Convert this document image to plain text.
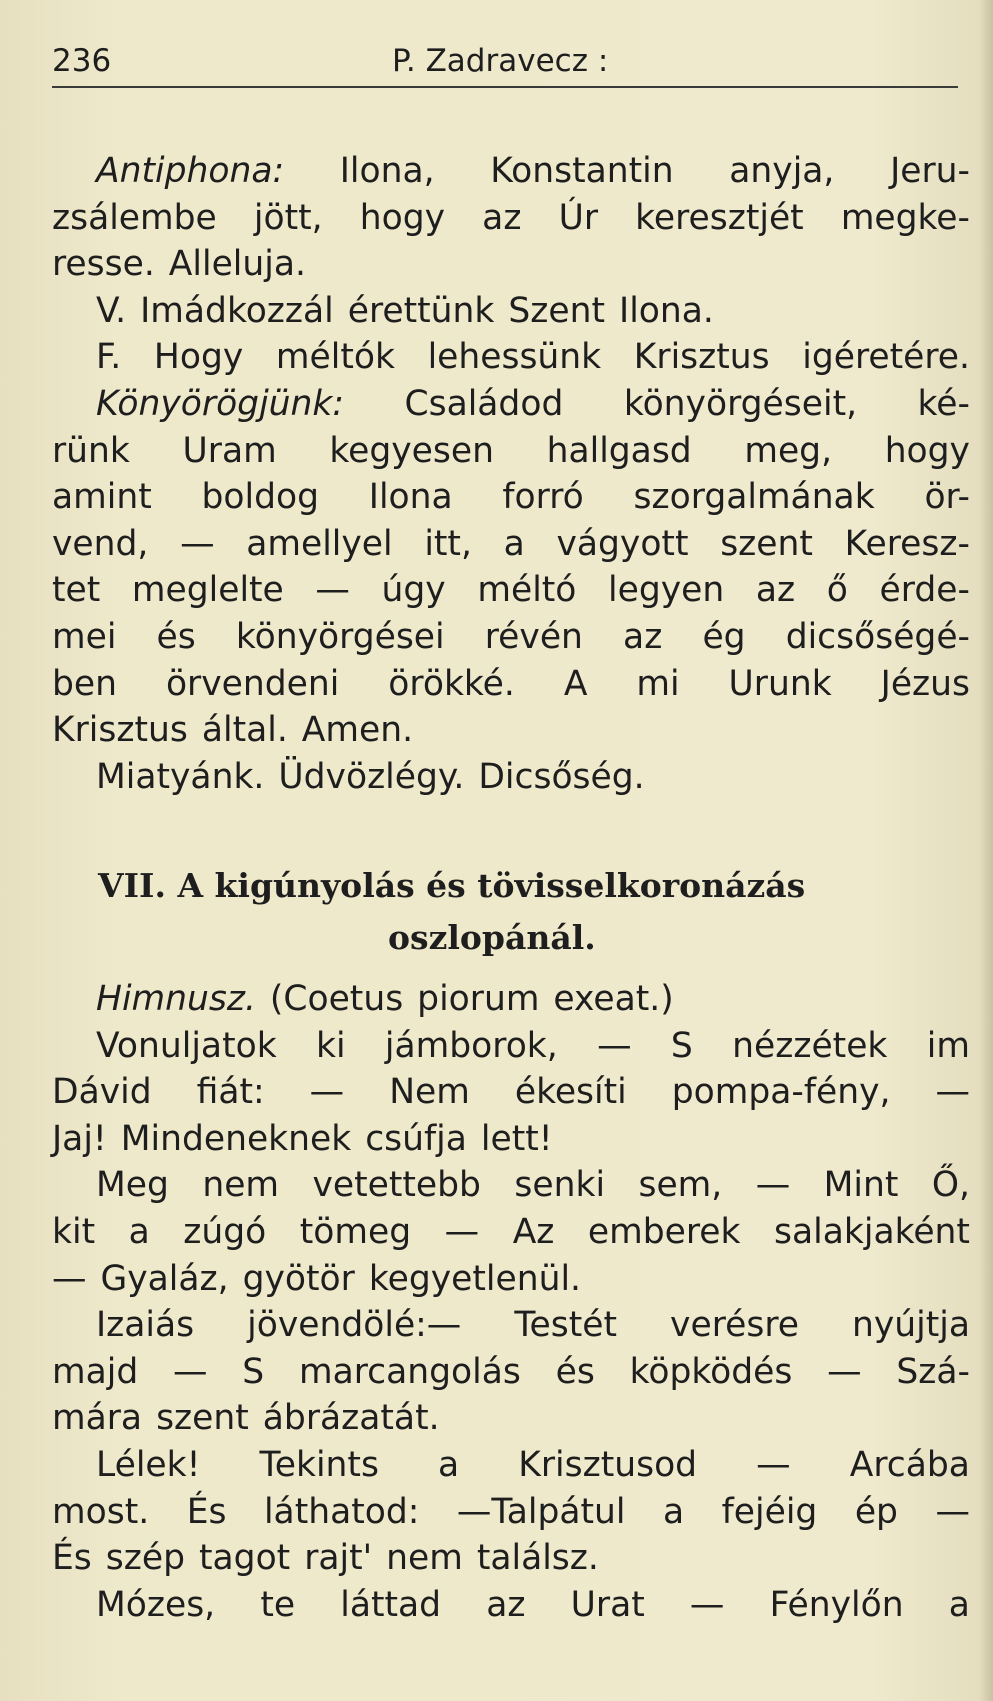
236	P. Zadravecz :
Antiphona: Ilona, Konstantin anyja, Jeru-
zsálembe jött, hogy az Úr keresztjét megke-
resse. Alleluja.
V. Imádkozzál érettünk Szent Ilona.
F. Hogy méltók lehessünk Krisztus igéretére.
Könyörögjünk: Családod könyörgéseit, ké-
rünk Uram kegyesen hallgasd meg, hogy
amint boldog Ilona forró szorgalmának ör-
vend, — amellyel itt, a vágyott szent Keresz-
tet meglelte — úgy méltó legyen az ő érde-
mei és könyörgései révén az ég dicsőségé-
ben örvendeni örökké. A mi Urunk Jézus
Krisztus által. Amen.
Miatyánk. Üdvözlégy. Dicsőség.
VII. A kigúnyolás és tövisselkoronázás
oszlopánál.
Himnusz. (Coetus piorum exeat.)
Vonuljatok ki jámborok, — S nézzétek im
Dávid fiát: — Nem ékesíti pompa-fény, —
Jaj! Mindeneknek csúfja lett!
Meg nem vetettebb senki sem, — Mint Ő,
kit a zúgó tömeg — Az emberek salakjaként
— Gyaláz, gyötör kegyetlenül.
Izaiás jövendölé:— Testét verésre nyújtja
majd — S marcangolás és köpködés — Szá-
mára szent ábrázatát.
Lélek! Tekints a Krisztusod — Arcába
most. És láthatod: —Talpátul a fejéig ép —
És szép tagot rajt' nem találsz.
Mózes, te láttad az Urat — Fénylőn a
